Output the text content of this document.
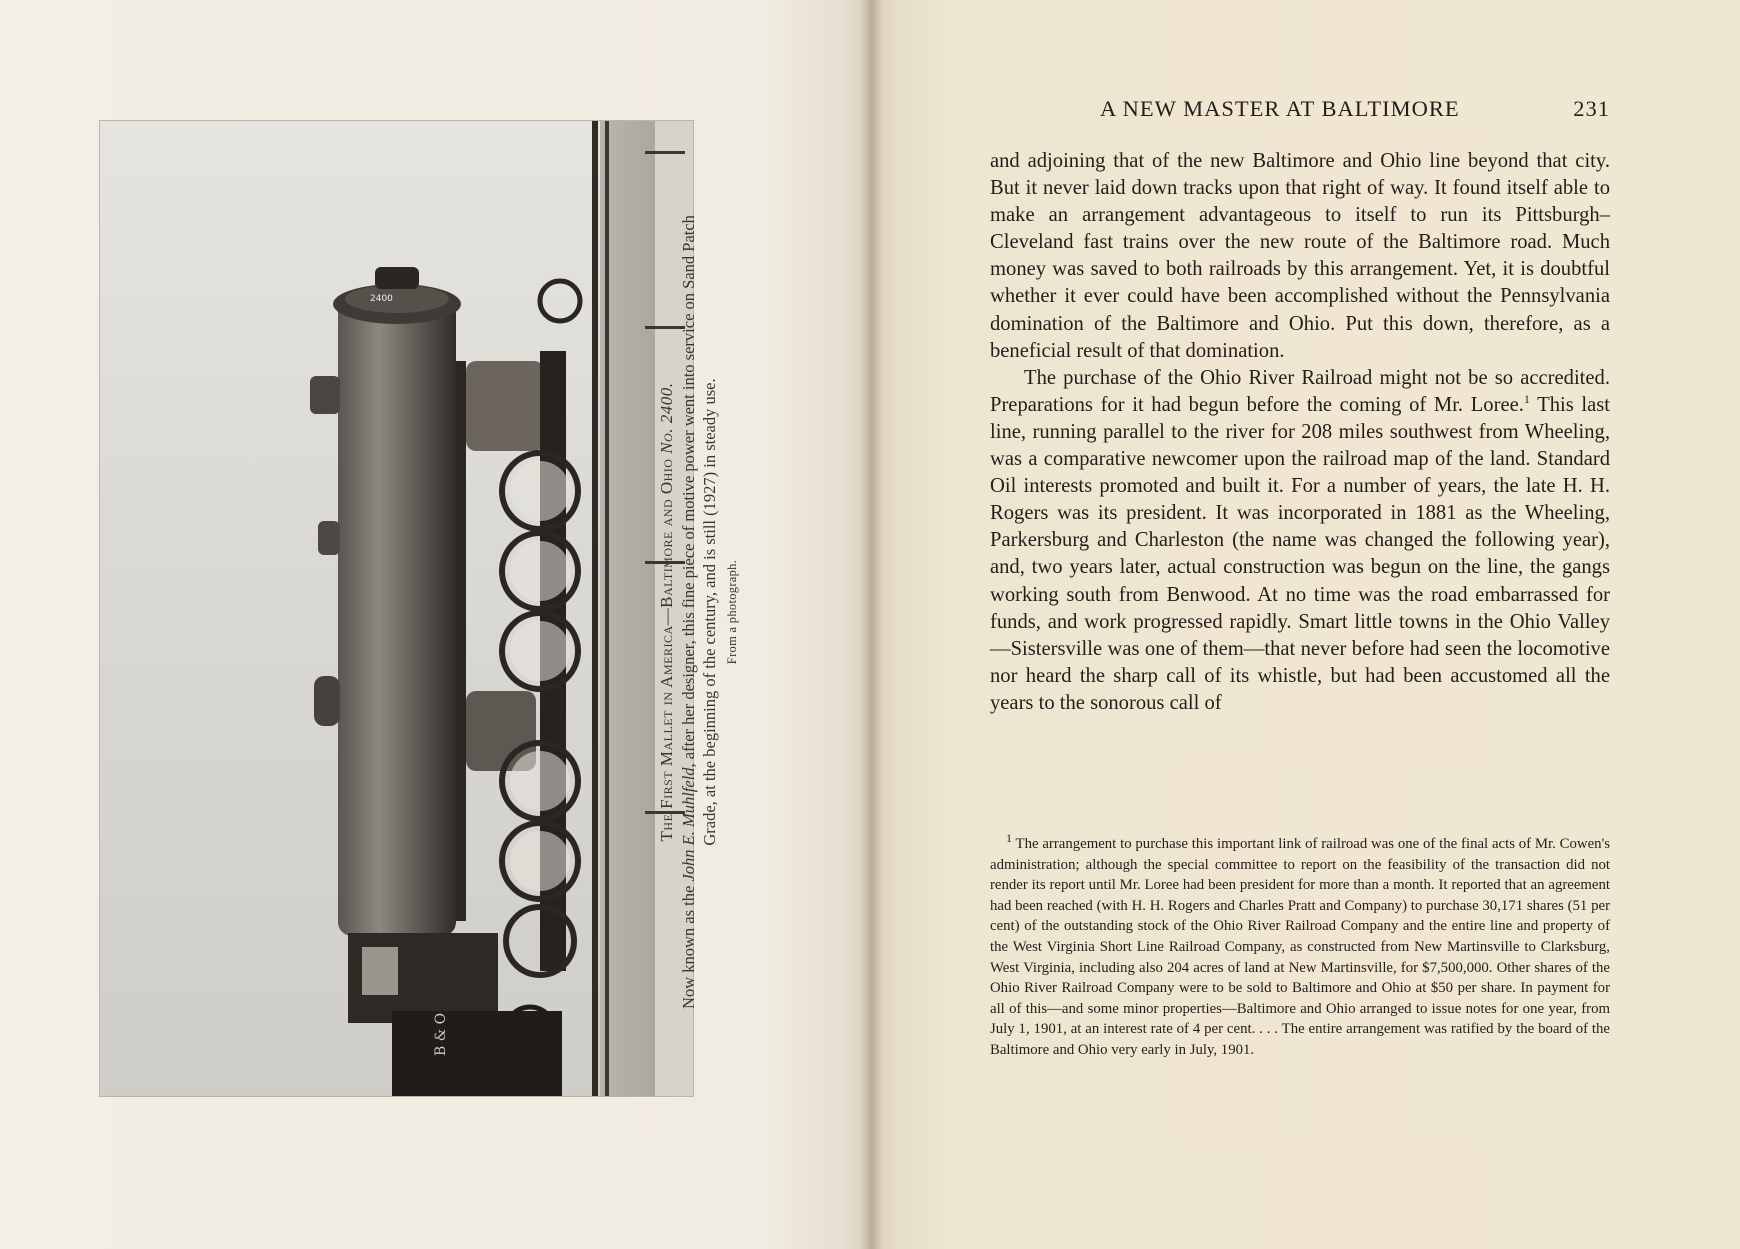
2400
B & O
The First Mallet in America—Baltimore and Ohio No. 2400.
Now known as the John E. Muhlfeld, after her designer, this fine piece of motive power went into service on Sand Patch Grade, at the beginning of the century, and is still (1927) in steady use. From a photograph.
A NEW MASTER AT BALTIMORE	231

and adjoining that of the new Baltimore and Ohio line beyond that city. But it never laid down tracks upon that right of way. It found itself able to make an arrangement advantageous to itself to run its Pittsburgh–Cleveland fast trains over the new route of the Baltimore road. Much money was saved to both railroads by this arrangement. Yet, it is doubtful whether it ever could have been accomplished without the Pennsylvania domination of the Baltimore and Ohio. Put this down, therefore, as a beneficial result of that domination.

The purchase of the Ohio River Railroad might not be so accredited. Preparations for it had begun before the coming of Mr. Loree.$^1$ This last line, running parallel to the river for 208 miles southwest from Wheeling, was a comparative newcomer upon the railroad map of the land. Standard Oil interests promoted and built it. For a number of years, the late H. H. Rogers was its president. It was incorporated in 1881 as the Wheeling, Parkersburg and Charleston (the name was changed the following year), and, two years later, actual construction was begun on the line, the gangs working south from Benwood. At no time was the road embarrassed for funds, and work progressed rapidly. Smart little towns in the Ohio Valley—Sistersville was one of them—that never before had seen the locomotive nor heard the sharp call of its whistle, but had been accustomed all the years to the sonorous call of

$^1$ The arrangement to purchase this important link of railroad was one of the final acts of Mr. Cowen's administration; although the special committee to report on the feasibility of the transaction did not render its report until Mr. Loree had been president for more than a month. It reported that an agreement had been reached (with H. H. Rogers and Charles Pratt and Company) to purchase 30,171 shares (51 per cent) of the outstanding stock of the Ohio River Railroad Company and the entire line and property of the West Virginia Short Line Railroad Company, as constructed from New Martinsville to Clarksburg, West Virginia, including also 204 acres of land at New Martinsville, for $7,500,000. Other shares of the Ohio River Railroad Company were to be sold to Baltimore and Ohio at $50 per share. In payment for all of this—and some minor properties—Baltimore and Ohio arranged to issue notes for one year, from July 1, 1901, at an interest rate of 4 per cent. . . . The entire arrangement was ratified by the board of the Baltimore and Ohio very early in July, 1901.
